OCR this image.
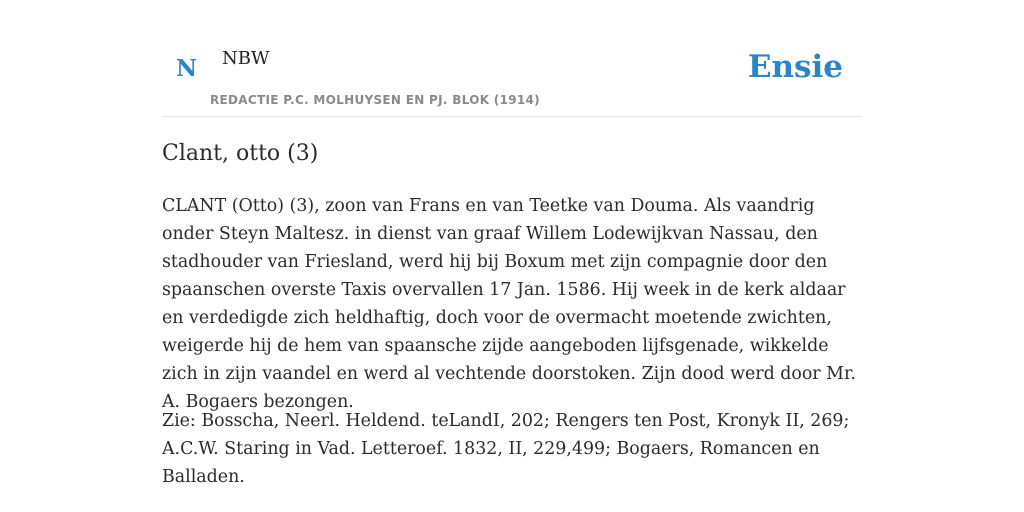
N NBW
REDACTIE P.C. MOLHUYSEN EN PJ. BLOK (1914)
Ensie
Clant, otto (3)

CLANT (Otto) (3), zoon van Frans en van Teetke van Douma. Als vaandrig onder Steyn Maltesz. in dienst van graaf Willem Lodewijkvan Nassau, den stadhouder van Friesland, werd hij bij Boxum met zijn compagnie door den spaanschen overste Taxis overvallen 17 Jan. 1586. Hij week in de kerk aldaar en verdedigde zich heldhaftig, doch voor de overmacht moetende zwichten, weigerde hij de hem van spaansche zijde aangeboden lijfsgenade, wikkelde zich in zijn vaandel en werd al vechtende doorstoken. Zijn dood werd door Mr. A. Bogaers bezongen.

Zie: Bosscha, Neerl. Heldend. teLandI, 202; Rengers ten Post, Kronyk II, 269; A.C.W. Staring in Vad. Letteroef. 1832, II, 229,499; Bogaers, Romancen en Balladen.
